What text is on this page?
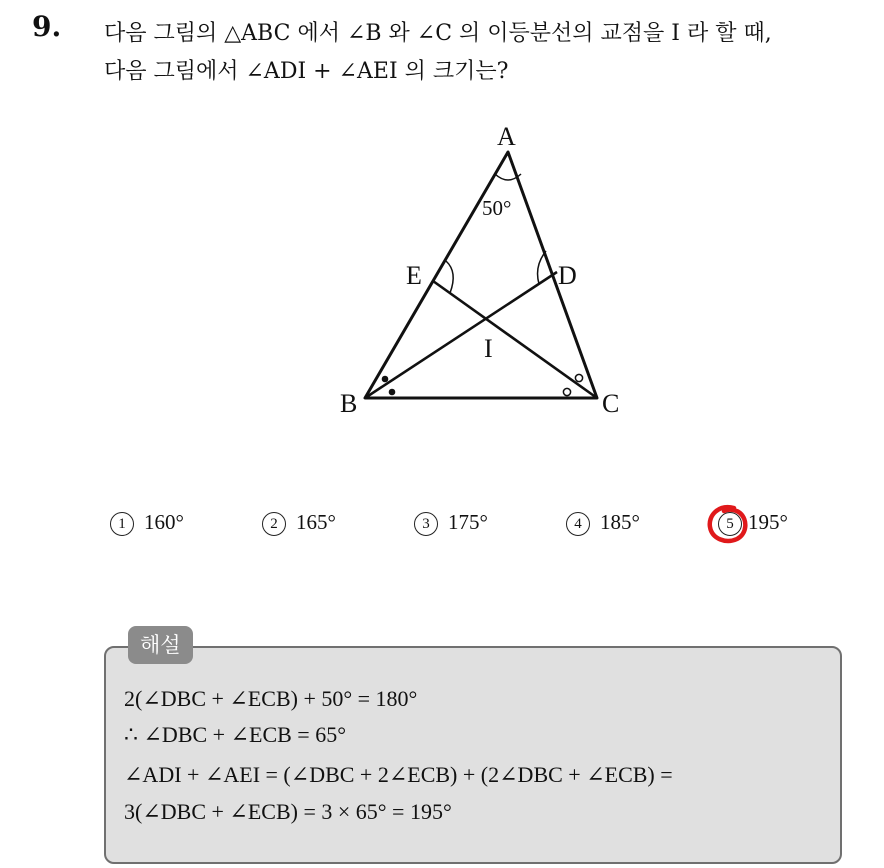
9. 다음 그림의 △ABC 에서 ∠B 와 ∠C 의 이등분선의 교점을 I 라 할 때,
다음 그림에서 ∠ADI + ∠AEI 의 크기는?
A
B	C
D
E
I
50°
1 160°	2 165°	3 175°	4 185°	5 195°
해설
2(∠DBC + ∠ECB) + 50° = 180°
∴ ∠DBC + ∠ECB = 65°
∠ADI + ∠AEI = (∠DBC + 2∠ECB) + (2∠DBC + ∠ECB) =
3(∠DBC + ∠ECB) = 3 × 65° = 195°
